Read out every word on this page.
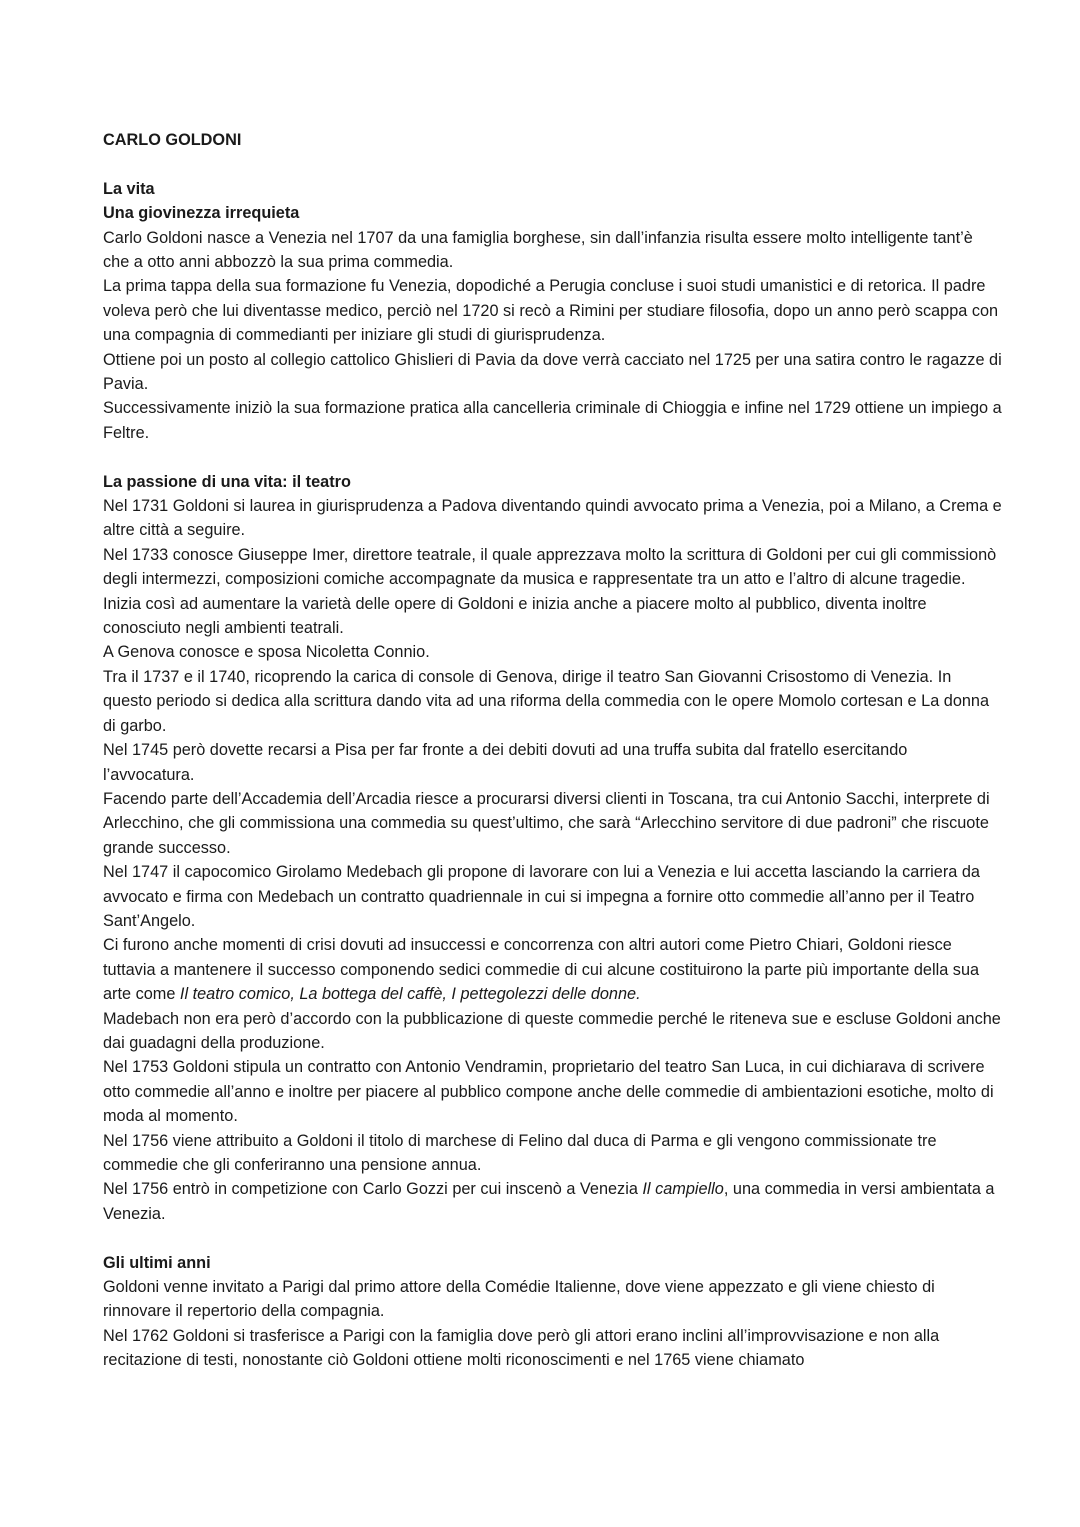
CARLO GOLDONI

La vita

Una giovinezza irrequieta

Carlo Goldoni nasce a Venezia nel 1707 da una famiglia borghese, sin dall’infanzia risulta essere molto intelligente tant’è che a otto anni abbozzò la sua prima commedia.

La prima tappa della sua formazione fu Venezia, dopodiché a Perugia concluse i suoi studi umanistici e di retorica. Il padre voleva però che lui diventasse medico, perciò nel 1720 si recò a Rimini per studiare filosofia, dopo un anno però scappa con una compagnia di commedianti per iniziare gli studi di giurisprudenza.

Ottiene poi un posto al collegio cattolico Ghislieri di Pavia da dove verrà cacciato nel 1725 per una satira contro le ragazze di Pavia.

Successivamente iniziò la sua formazione pratica alla cancelleria criminale di Chioggia e infine nel 1729 ottiene un impiego a Feltre.

La passione di una vita: il teatro

Nel 1731 Goldoni si laurea in giurisprudenza a Padova diventando quindi avvocato prima a Venezia, poi a Milano, a Crema e altre città a seguire.

Nel 1733 conosce Giuseppe Imer, direttore teatrale, il quale apprezzava molto la scrittura di Goldoni per cui gli commissionò degli intermezzi, composizioni comiche accompagnate da musica e rappresentate tra un atto e l’altro di alcune tragedie.

Inizia così ad aumentare la varietà delle opere di Goldoni e inizia anche a piacere molto al pubblico, diventa inoltre conosciuto negli ambienti teatrali.

A Genova conosce e sposa Nicoletta Connio.

Tra il 1737 e il 1740, ricoprendo la carica di console di Genova, dirige il teatro San Giovanni Crisostomo di Venezia. In questo periodo si dedica alla scrittura dando vita ad una riforma della commedia con le opere Momolo cortesan e La donna di garbo.

Nel 1745 però dovette recarsi a Pisa per far fronte a dei debiti dovuti ad una truffa subita dal fratello esercitando l’avvocatura.

Facendo parte dell’Accademia dell’Arcadia riesce a procurarsi diversi clienti in Toscana, tra cui Antonio Sacchi, interprete di Arlecchino, che gli commissiona una commedia su quest’ultimo, che sarà “Arlecchino servitore di due padroni” che riscuote grande successo.

Nel 1747 il capocomico Girolamo Medebach gli propone di lavorare con lui a Venezia e lui accetta lasciando la carriera da avvocato e firma con Medebach un contratto quadriennale in cui si impegna a fornire otto commedie all’anno per il Teatro Sant’Angelo.

Ci furono anche momenti di crisi dovuti ad insuccessi e concorrenza con altri autori come Pietro Chiari, Goldoni riesce tuttavia a mantenere il successo componendo sedici commedie di cui alcune costituirono la parte più importante della sua arte come Il teatro comico, La bottega del caffè, I pettegolezzi delle donne.

Madebach non era però d’accordo con la pubblicazione di queste commedie perché le riteneva sue e escluse Goldoni anche dai guadagni della produzione.

Nel 1753 Goldoni stipula un contratto con Antonio Vendramin, proprietario del teatro San Luca, in cui dichiarava di scrivere otto commedie all’anno e inoltre per piacere al pubblico compone anche delle commedie di ambientazioni esotiche, molto di moda al momento.

Nel 1756 viene attribuito a Goldoni il titolo di marchese di Felino dal duca di Parma e gli vengono commissionate tre commedie che gli conferiranno una pensione annua.

Nel 1756 entrò in competizione con Carlo Gozzi per cui inscenò a Venezia Il campiello, una commedia in versi ambientata a Venezia.

Gli ultimi anni

Goldoni venne invitato a Parigi dal primo attore della Comédie Italienne, dove viene appezzato e gli viene chiesto di rinnovare il repertorio della compagnia.

Nel 1762 Goldoni si trasferisce a Parigi con la famiglia dove però gli attori erano inclini all’improvvisazione e non alla recitazione di testi, nonostante ciò Goldoni ottiene molti riconoscimenti e nel 1765 viene chiamato
